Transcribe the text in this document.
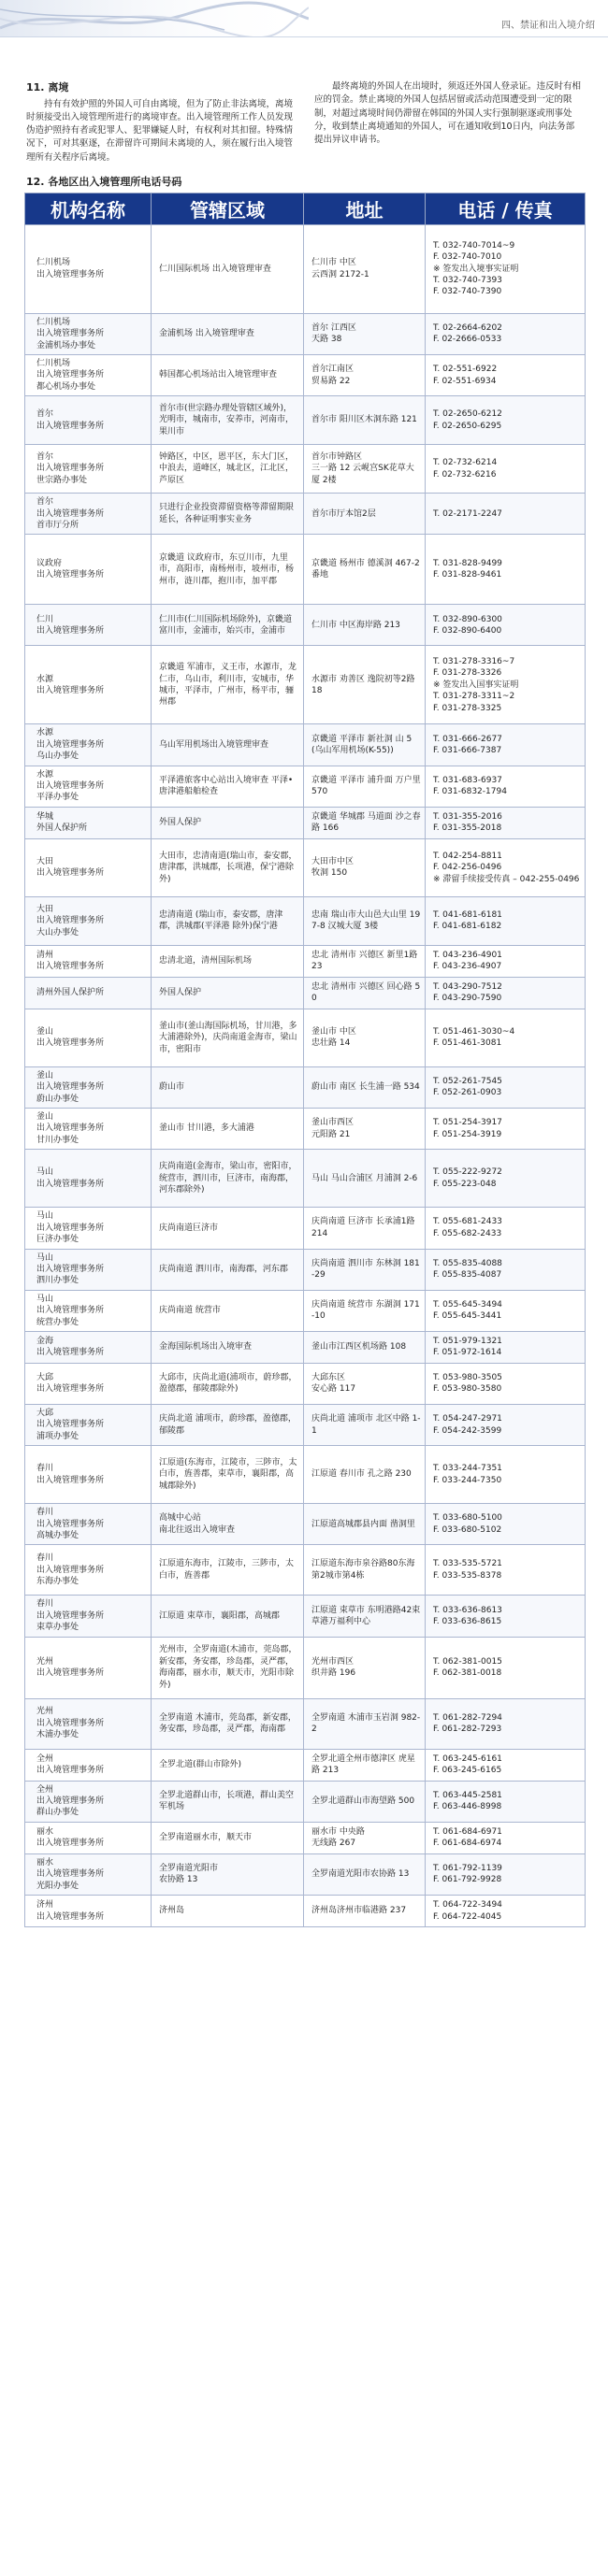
四、禁证和出入境介绍
11. 离境

持有有效护照的外国人可自由离境，但为了防止非法离境，离境时须接受出入境管理所进行的离境审查。出入境管理所工作人员发现伪造护照持有者或犯罪人、犯罪嫌疑人时，有权利对其扣留。特殊情况下，可对其驱逐，在滞留许可期间未离境的人，须在履行出入境管理所有关程序后离境。

最终离境的外国人在出境时，须返还外国人登录证。违反时有相应的罚金。禁止离境的外国人包括居留或活动范围遭受到一定的限制，对超过离境时间仍滞留在韩国的外国人实行强制驱逐或刑事处分，收到禁止离境通知的外国人，可在通知收到10日内，向法务部提出异议申请书。

12. 各地区出入境管理所电话号码
机构名称	管辖区域	地址	电话 / 传真

仁川机场
出入境管理事务所	仁川国际机场 出入境管理审查	仁川市 中区
云西洞 2172-1	T. 032-740-7014~9
F. 032-740-7010
※ 签发出入境事实证明
T. 032-740-7393
F. 032-740-7390

仁川机场
出入境管理事务所
金浦机场办事处	金浦机场 出入境管理审查	首尔 江西区
天路 38	T. 02-2664-6202
F. 02-2666-0533

仁川机场
出入境管理事务所
都心机场办事处	韩国都心机场站出入境管理审查	首尔江南区
贸易路 22	T. 02-551-6922
F. 02-551-6934

首尔
出入境管理事务所	首尔市(世宗路办理处管辖区域外)，光明市，城南市，安养市，河南市，果川市	首尔市 阳川区木洞东路 121	T. 02-2650-6212
F. 02-2650-6295

首尔
出入境管理事务所
世宗路办事处	钟路区，中区，恩平区，东大门区，中浪去，道峰区，城北区，江北区，芦原区	首尔市钟路区
三一路 12 云岘宫SK花草大厦 2楼	T. 02-732-6214
F. 02-732-6216

首尔
出入境管理事务所
首市厅分所	只进行企业投资滞留资格等滞留期限延长，各种证明事实业务	首尔市厅本馆2层	T. 02-2171-2247

议政府
出入境管理事务所	京畿道 议政府市，东豆川市，九里市，高阳市，南杨州市，坡州市，杨州市，涟川郡，抱川市，加平郡	京畿道 杨州市 德溪洞 467-2番地	T. 031-828-9499
F. 031-828-9461

仁川
出入境管理事务所	仁川市(仁川国际机场除外)，京畿道 富川市，金浦市，始兴市，金浦市	仁川市 中区海岸路 213	T. 032-890-6300
F. 032-890-6400

水源
出入境管理事务所	京畿道 军浦市，义王市，水源市，龙仁市，乌山市，利川市，安城市，华城市，平泽市，广州市，杨平市，骊州郡	水源市 劝善区 逸院初等2路 18	T. 031-278-3316~7
F. 031-278-3326
※ 签发出入国事实证明
T. 031-278-3311~2
F. 031-278-3325

水源
出入境管理事务所
乌山办事处	乌山军用机场出入境管理审查	京畿道 平泽市 新社洞 山 5 (乌山军用机场(K-55))	T. 031-666-2677
F. 031-666-7387

水源
出入境管理事务所
平泽办事处	平泽港旅客中心站出入境审查 平泽•唐津港船舶检查	京畿道 平泽市 浦升面 万户里 570	T. 031-683-6937
F. 031-6832-1794

华城
外国人保护所	外国人保护	京畿道 华城郡 马道面 沙之春路 166	T. 031-355-2016
F. 031-355-2018

大田
出入境管理事务所	大田市，忠清南道(瑞山市，泰安郡，唐津郡，洪城郡，长项港，保宁港除外)	大田市中区
牧洞 150	T. 042-254-8811
F. 042-256-0496
※ 滞留手续接受传真 – 042-255-0496

大田
出入境管理事务所
大山办事处	忠清南道 (瑞山市，泰安郡，唐津郡，洪城郡(平泽港 除外)保宁港	忠南 瑞山市大山邑大山里 197-8 汉城大厦 3楼	T. 041-681-6181
F. 041-681-6182

清州
出入境管理事务所	忠清北道，清州国际机场	忠北 清州市 兴德区 新里1路 23	T. 043-236-4901
F. 043-236-4907

清州外国人保护所	外国人保护	忠北 清州市 兴德区 回心路 50	T. 043-290-7512
F. 043-290-7590

釜山
出入境管理事务所	釜山市(釜山海国际机场，甘川港，多大浦港除外)，庆尚南道金海市，梁山市，密阳市	釜山市 中区
忠壮路 14	T. 051-461-3030~4
F. 051-461-3081

釜山
出入境管理事务所
蔚山办事处	蔚山市	蔚山市 南区 长生浦一路 534	T. 052-261-7545
F. 052-261-0903

釜山
出入境管理事务所
甘川办事处	釜山市 甘川港，多大浦港	釜山市西区
元阳路 21	T. 051-254-3917
F. 051-254-3919

马山
出入境管理事务所	庆尚南道(金海市，梁山市，密阳市，统营市，泗川市，巨济市，南海郡，河东郡除外)	马山 马山合浦区 月浦洞 2-6	T. 055-222-9272
F. 055-223-048

马山
出入境管理事务所
巨济办事处	庆尚南道巨济市	庆尚南道 巨济市 长承浦1路 214	T. 055-681-2433
F. 055-682-2433

马山
出入境管理事务所
泗川办事处	庆尚南道 泗川市，南海郡，河东郡	庆尚南道 泗川市 东林洞 181-29	T. 055-835-4088
F. 055-835-4087

马山
出入境管理事务所
统营办事处	庆尚南道 统营市	庆尚南道 统营市 东湖洞 171-10	T. 055-645-3494
F. 055-645-3441

金海
出入境管理事务所	金海国际机场出入境审查	釜山市江西区机场路 108	T. 051-979-1321
F. 051-972-1614

大邱
出入境管理事务所	大邱市，庆尚北道(浦项市，蔚珍郡，盈德郡，郁陵郡除外)	大邱东区
安心路 117	T. 053-980-3505
F. 053-980-3580

大邱
出入境管理事务所
浦项办事处	庆尚北道 浦项市，蔚珍郡，盈德郡，郁陵郡	庆尚北道 浦项市 北区中路 1-1	T. 054-247-2971
F. 054-242-3599

春川
出入境管理事务所	江原道(东海市，江陵市，三陟市，太白市，旌善郡，束草市，襄阳郡，高城郡除外)	江原道 春川市 孔之路 230	T. 033-244-7351
F. 033-244-7350

春川
出入境管理事务所
高城办事处	高城中心站
南北往返出入境审查	江原道高城郡县内面 凿洞里	T. 033-680-5100
F. 033-680-5102

春川
出入境管理事务所
东海办事处	江原道东海市，江陵市，三陟市，太白市，旌善郡	江原道东海市泉谷路80东海第2城市第4栋	T. 033-535-5721
F. 033-535-8378

春川
出入境管理事务所
束草办事处	江原道 束草市，襄阳郡，高城郡	江原道 束草市 东明港路42束草港万福利中心	T. 033-636-8613
F. 033-636-8615

光州
出入境管理事务所	光州市，全罗南道(木浦市，莞岛郡，新安郡，务安郡，珍岛郡，灵严郡，海南郡，丽水市，顺天市，光阳市除外)	光州市西区
织井路 196	T. 062-381-0015
F. 062-381-0018

光州
出入境管理事务所
木浦办事处	全罗南道 木浦市，莞岛郡，新安郡，务安郡，珍岛郡，灵严郡，海南郡	全罗南道 木浦市玉岩洞 982-2	T. 061-282-7294
F. 061-282-7293

全州
出入境管理事务所	全罗北道(群山市除外)	全罗北道全州市德津区 虎星路 213	T. 063-245-6161
F. 063-245-6165

全州
出入境管理事务所
群山办事处	全罗北道群山市，长项港，群山美空军机场	全罗北道群山市海望路 500	T. 063-445-2581
F. 063-446-8998

丽水
出入境管理事务所	全罗南道丽水市，顺天市	丽水市 中央路
无线路 267	T. 061-684-6971
F. 061-684-6974

丽水
出入境管理事务所
光阳办事处	全罗南道光阳市
农协路 13	全罗南道光阳市农协路 13	T. 061-792-1139
F. 061-792-9928

济州
出入境管理事务所	济州岛	济州岛济州市临港路 237	T. 064-722-3494
F. 064-722-4045
